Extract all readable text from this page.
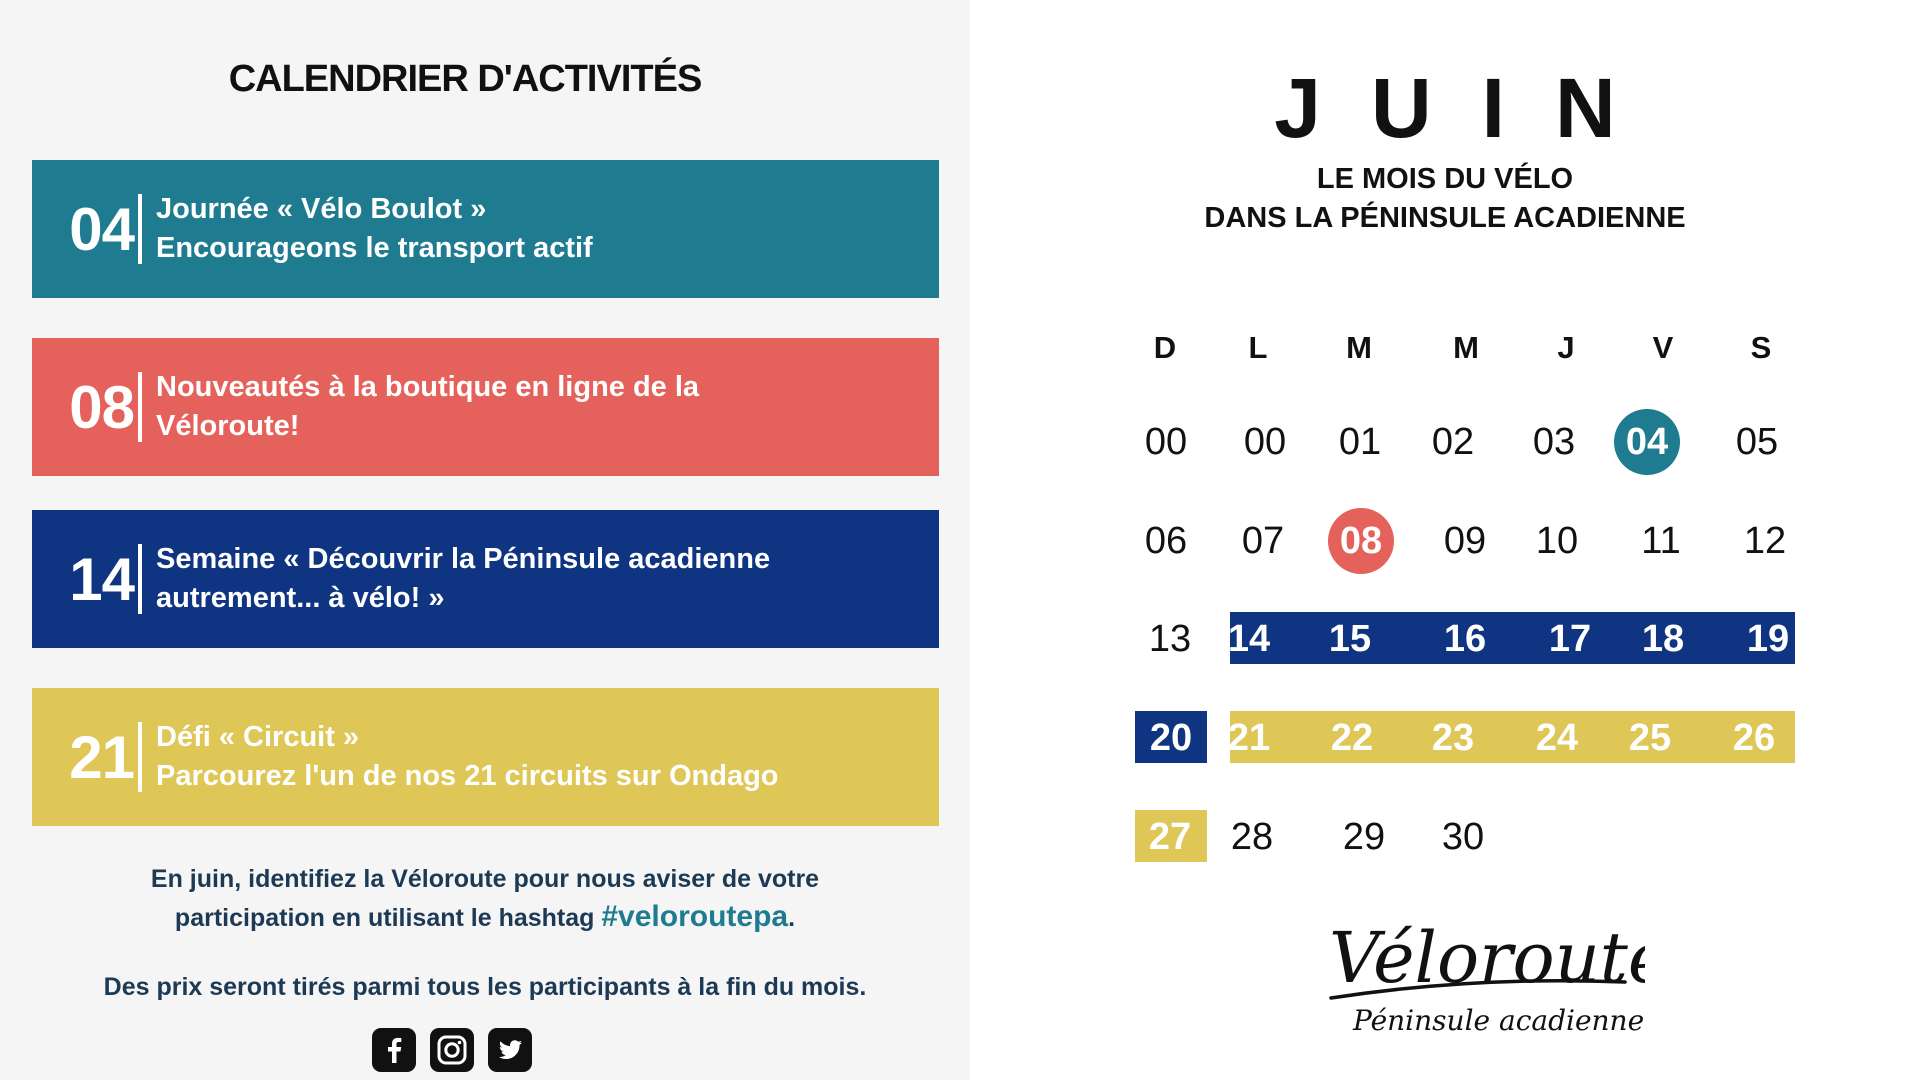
CALENDRIER D'ACTIVITÉS
04 Journée « Vélo Boulot »
Encourageons le transport actif
08 Nouveautés à la boutique en ligne de la
Véloroute!
14 Semaine « Découvrir la Péninsule acadienne
autrement... à vélo! »
21 Défi « Circuit »
Parcourez l'un de nos 21 circuits sur Ondago
En juin, identifiez la Véloroute pour nous aviser de votre
participation en utilisant le hashtag #veloroutepa.
Des prix seront tirés parmi tous les participants à la fin du mois.
JUIN
LE MOIS DU VÉLO
DANS LA PÉNINSULE ACADIENNE
D	L	M	M	J	V	S
00	00	01	02	03	04	05
06	07	08	09	10	11	12
13 14	15	16	17	18	19
20 21	22	23	24	25	26
27	28	29	30
Véloroute
Péninsule acadienne
